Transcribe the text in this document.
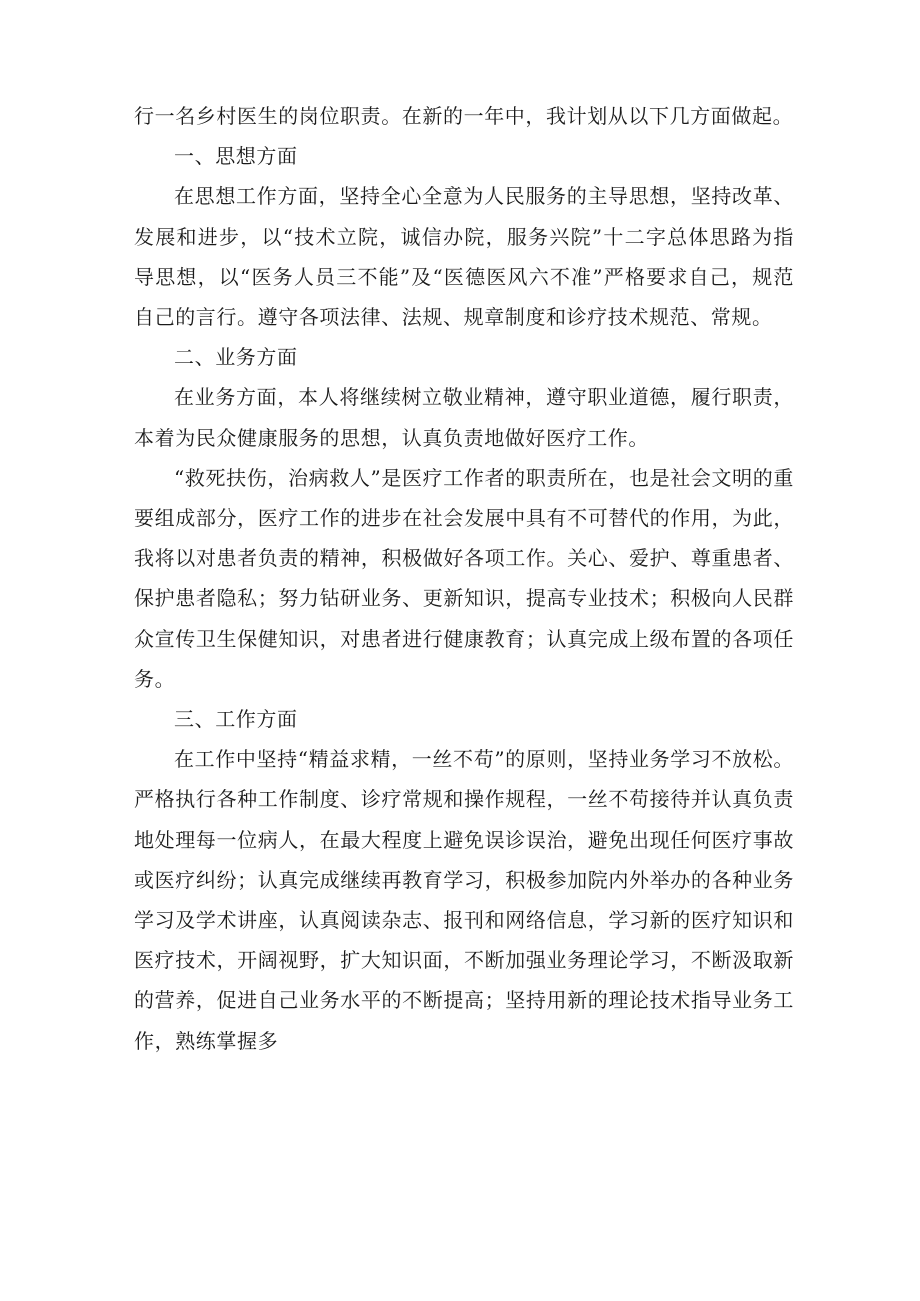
行一名乡村医生的岗位职责。在新的一年中，我计划从以下几方面做起。

一、思想方面

在思想工作方面，坚持全心全意为人民服务的主导思想，坚持改革、发展和进步，以“技术立院，诚信办院，服务兴院”十二字总体思路为指导思想，以“医务人员三不能”及“医德医风六不准”严格要求自己，规范自己的言行。遵守各项法律、法规、规章制度和诊疗技术规范、常规。

二、业务方面

在业务方面，本人将继续树立敬业精神，遵守职业道德，履行职责，本着为民众健康服务的思想，认真负责地做好医疗工作。

“救死扶伤，治病救人”是医疗工作者的职责所在，也是社会文明的重要组成部分，医疗工作的进步在社会发展中具有不可替代的作用，为此，我将以对患者负责的精神，积极做好各项工作。关心、爱护、尊重患者、保护患者隐私；努力钻研业务、更新知识，提高专业技术；积极向人民群众宣传卫生保健知识，对患者进行健康教育；认真完成上级布置的各项任务。

三、工作方面

在工作中坚持“精益求精，一丝不苟”的原则，坚持业务学习不放松。严格执行各种工作制度、诊疗常规和操作规程，一丝不苟接待并认真负责地处理每一位病人，在最大程度上避免误诊误治，避免出现任何医疗事故或医疗纠纷；认真完成继续再教育学习，积极参加院内外举办的各种业务学习及学术讲座，认真阅读杂志、报刊和网络信息，学习新的医疗知识和医疗技术，开阔视野，扩大知识面，不断加强业务理论学习，不断汲取新的营养，促进自己业务水平的不断提高；坚持用新的理论技术指导业务工作，熟练掌握多
